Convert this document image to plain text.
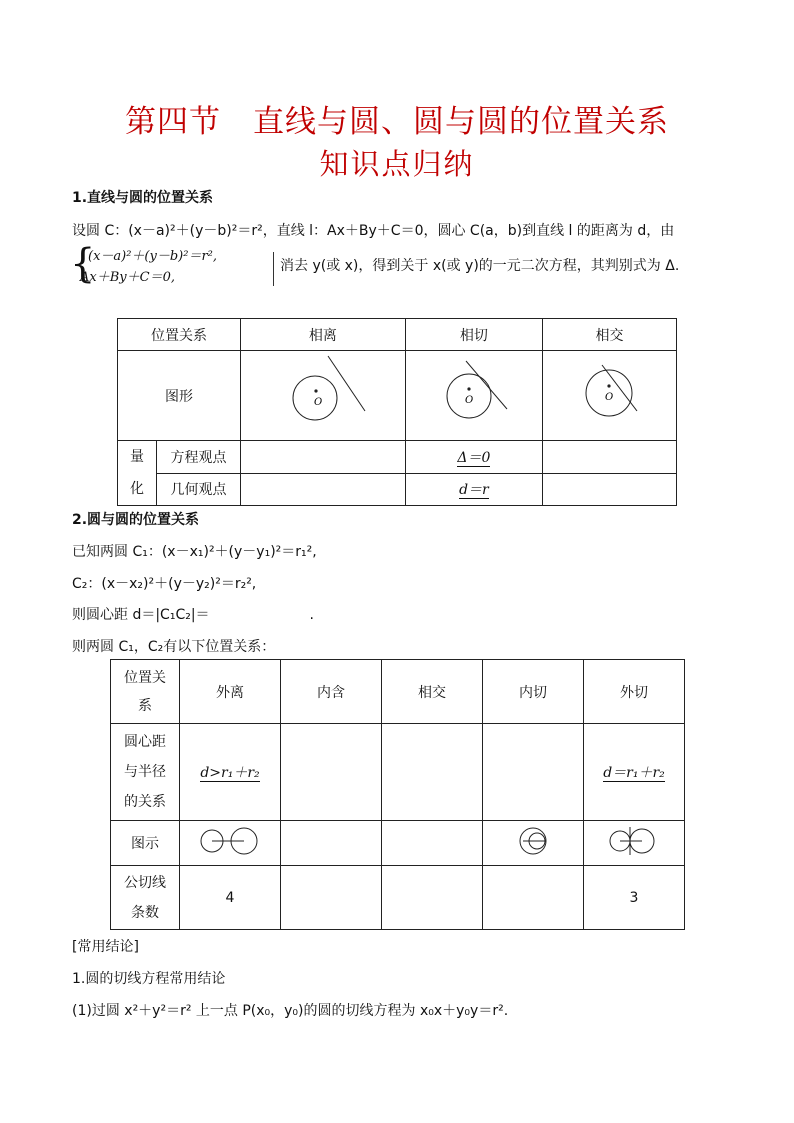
第四节　直线与圆、圆与圆的位置关系
知识点归纳
1.直线与圆的位置关系
设圆 C：(x－a)²＋(y－b)²＝r²，直线 l：Ax＋By＋C＝0，圆心 C(a，b)到直线 l 的距离为 d，由
{
(x－a)²＋(y－b)²＝r²,
Ax＋By＋C＝0,
消去 y(或 x)，得到关于 x(或 y)的一元二次方程，其判别式为 Δ.
位置关系		相离	相切	相交
图形		O	O	O

量
化	方程观点		Δ＝0	
	几何观点		d＝r	
2.圆与圆的位置关系
已知两圆 C₁：(x－x₁)²＋(y－y₁)²＝r₁²,
C₂：(x－x₂)²＋(y－y₂)²＝r₂²,
则圆心距 d＝|C₁C₂|＝	.
则两圆 C₁，C₂有以下位置关系：
位置关
系	外离	内含	相交	内切	外切
圆心距
与半径
的关系	d>r₁＋r₂				d＝r₁＋r₂
图示					
公切线
条数	4				3
[常用结论]
1.圆的切线方程常用结论
(1)过圆 x²＋y²＝r² 上一点 P(x₀，y₀)的圆的切线方程为 x₀x＋y₀y＝r².
